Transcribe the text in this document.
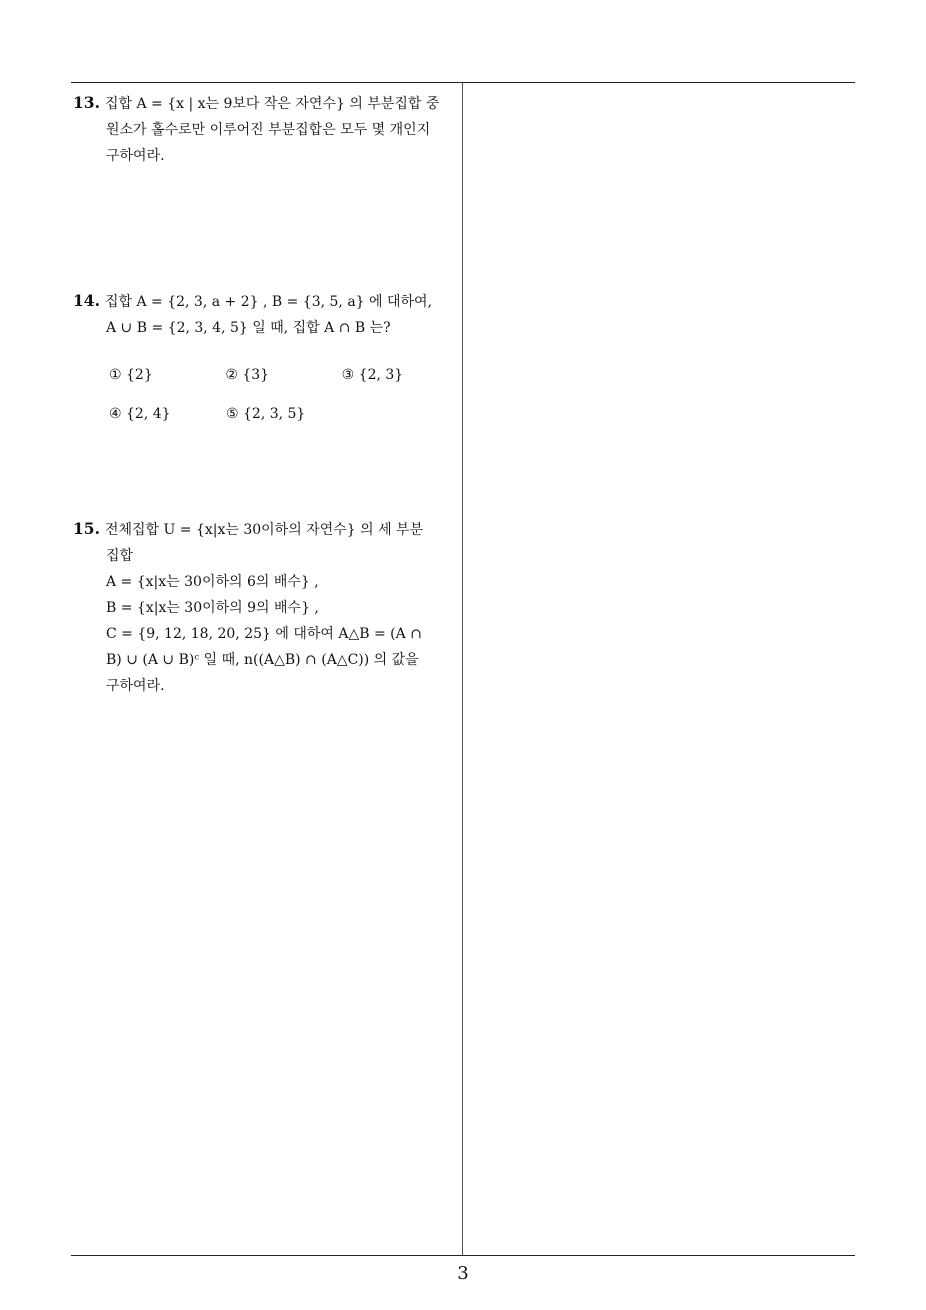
13. 집합 A = {x | x는 9보다 작은 자연수} 의 부분집합 중
원소가 홀수로만 이루어진 부분집합은 모두 몇 개인지
구하여라.
14. 집합 A = {2, 3, a + 2} , B = {3, 5, a} 에 대하여,
A ∪ B = {2, 3, 4, 5} 일 때, 집합 A ∩ B 는?
① {2}	② {3}	③ {2, 3}
④ {2, 4}	⑤ {2, 3, 5}
15. 전체집합 U = {x|x는 30이하의 자연수} 의 세 부분
집합
A = {x|x는 30이하의 6의 배수} ,
B = {x|x는 30이하의 9의 배수} ,
C = {9, 12, 18, 20, 25} 에 대하여 A△B = (A ∩
B) ∪ (A ∪ B)ᶜ 일 때, n((A△B) ∩ (A△C)) 의 값을
구하여라.
3
